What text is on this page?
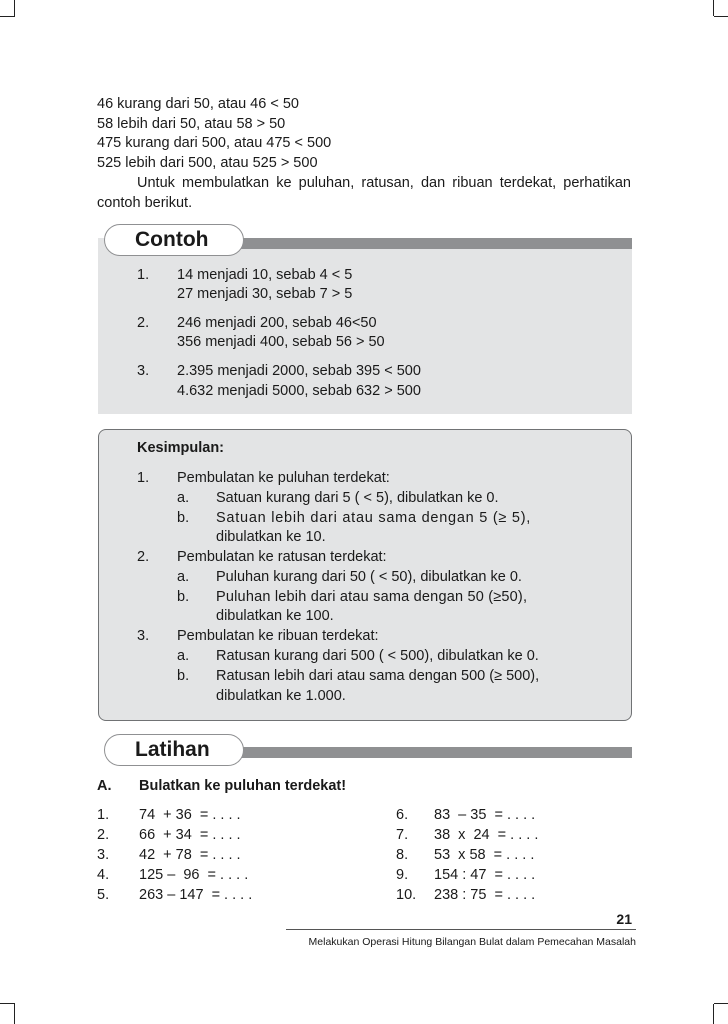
46 kurang dari 50, atau 46 < 50
58 lebih dari 50, atau 58 > 50
475 kurang dari 500, atau 475 < 500
525 lebih dari 500, atau 525 > 500
Untuk membulatkan ke puluhan, ratusan, dan ribuan terdekat, perhatikan contoh berikut.
Contoh
1. 14 menjadi 10, sebab 4 < 5
27 menjadi 30, sebab 7 > 5
2. 246 menjadi 200, sebab 46<50
356 menjadi 400, sebab 56 > 50
3. 2.395 menjadi 2000, sebab 395 < 500
4.632 menjadi 5000, sebab 632 > 500
Kesimpulan:
1. Pembulatan ke puluhan terdekat:
a. Satuan kurang dari 5 ( < 5), dibulatkan ke 0.
b. Satuan lebih dari atau sama dengan 5 (≥ 5),
dibulatkan ke 10.
2. Pembulatan ke ratusan terdekat:
a. Puluhan kurang dari 50 ( < 50), dibulatkan ke 0.
b. Puluhan lebih dari atau sama dengan 50 (≥50),
dibulatkan ke 100.
3. Pembulatan ke ribuan terdekat:
a. Ratusan kurang dari 500 ( < 500), dibulatkan ke 0.
b. Ratusan lebih dari atau sama dengan 500 (≥ 500),
dibulatkan ke 1.000.
Latihan
A. Bulatkan ke puluhan terdekat!
1. 74  + 36  = . . . .
2. 66  + 34  = . . . .
3. 42  + 78  = . . . .
4. 125 –  96  = . . . .
5. 263 – 147  = . . . .
6. 83  – 35  = . . . .
7. 38  x  24  = . . . .
8. 53  x 58  = . . . .
9. 154 : 47  = . . . .
10. 238 : 75  = . . . .
21
Melakukan Operasi Hitung Bilangan Bulat dalam Pemecahan Masalah
